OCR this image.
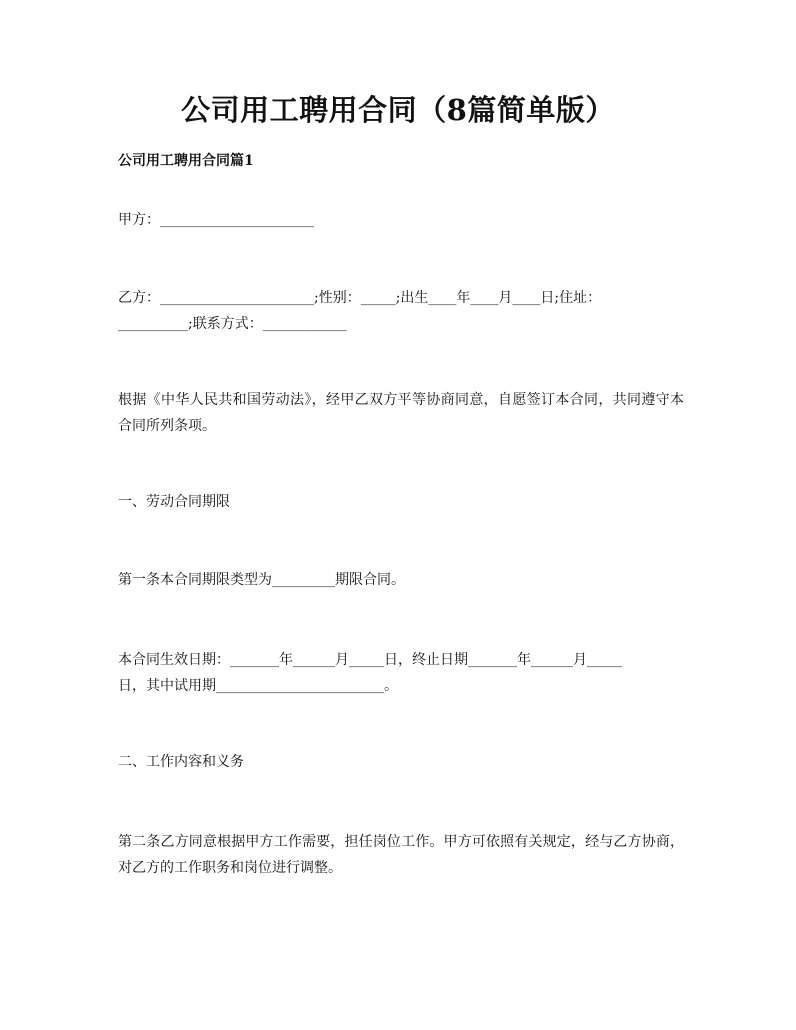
公司用工聘用合同（8篇简单版）
公司用工聘用合同篇1
甲方：______________________
乙方：______________________;性别：_____;出生____年____月____日;住址：
__________;联系方式：____________
根据《中华人民共和国劳动法》，经甲乙双方平等协商同意，自愿签订本合同，共同遵守本合同所列条项。
一、劳动合同期限
第一条本合同期限类型为_________期限合同。
本合同生效日期：_______年______月_____日，终止日期_______年______月_____
日，其中试用期________________________。
二、工作内容和义务
第二条乙方同意根据甲方工作需要，担任岗位工作。甲方可依照有关规定，经与乙方协商，对乙方的工作职务和岗位进行调整。
